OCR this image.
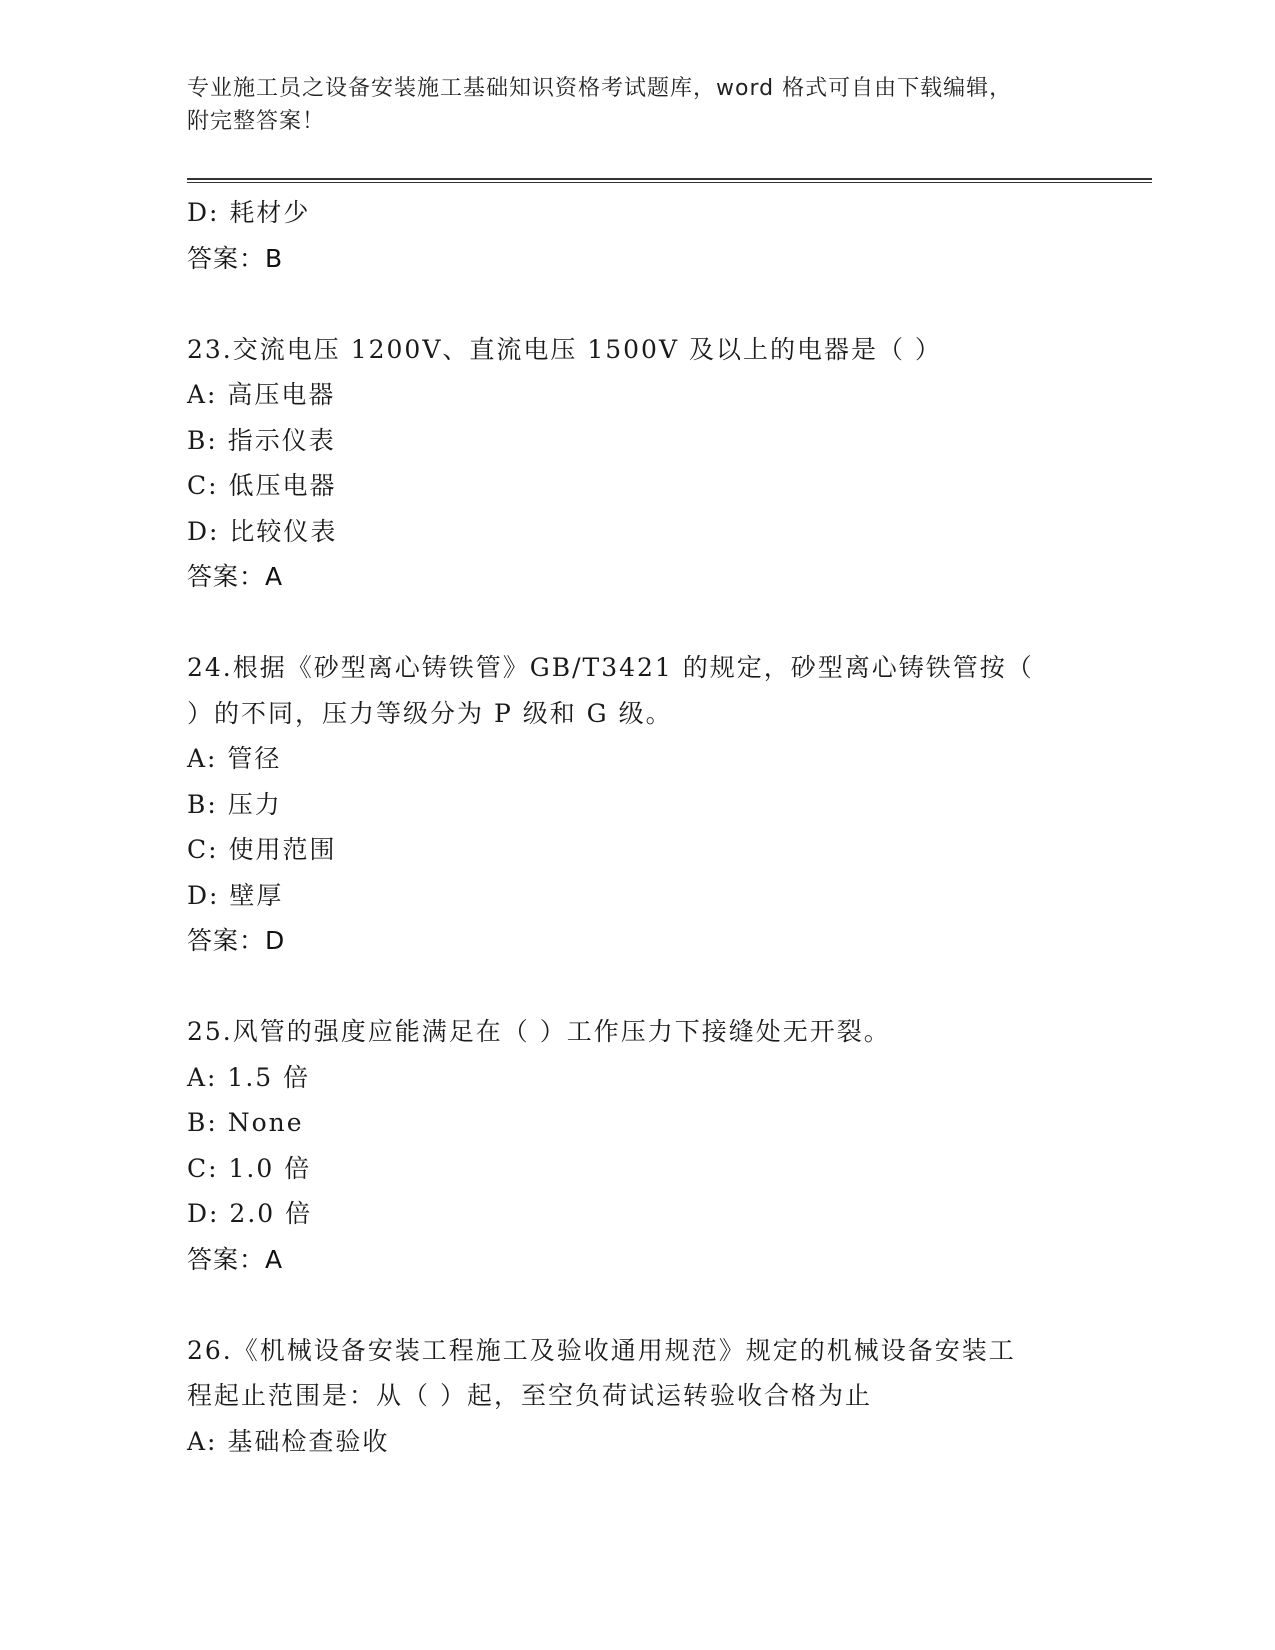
专业施工员之设备安装施工基础知识资格考试题库，word 格式可自由下载编辑，
附完整答案！
D: 耗材少
答案：B
23.交流电压 1200V、直流电压 1500V 及以上的电器是（ ）
A: 高压电器
B: 指示仪表
C: 低压电器
D: 比较仪表
答案：A
24.根据《砂型离心铸铁管》GB/T3421 的规定，砂型离心铸铁管按（
）的不同，压力等级分为 P 级和 G 级。
A: 管径
B: 压力
C: 使用范围
D: 壁厚
答案：D
25.风管的强度应能满足在（ ）工作压力下接缝处无开裂。
A: 1.5 倍
B: None
C: 1.0 倍
D: 2.0 倍
答案：A
26.《机械设备安装工程施工及验收通用规范》规定的机械设备安装工
程起止范围是：从（ ）起，至空负荷试运转验收合格为止
A: 基础检查验收
